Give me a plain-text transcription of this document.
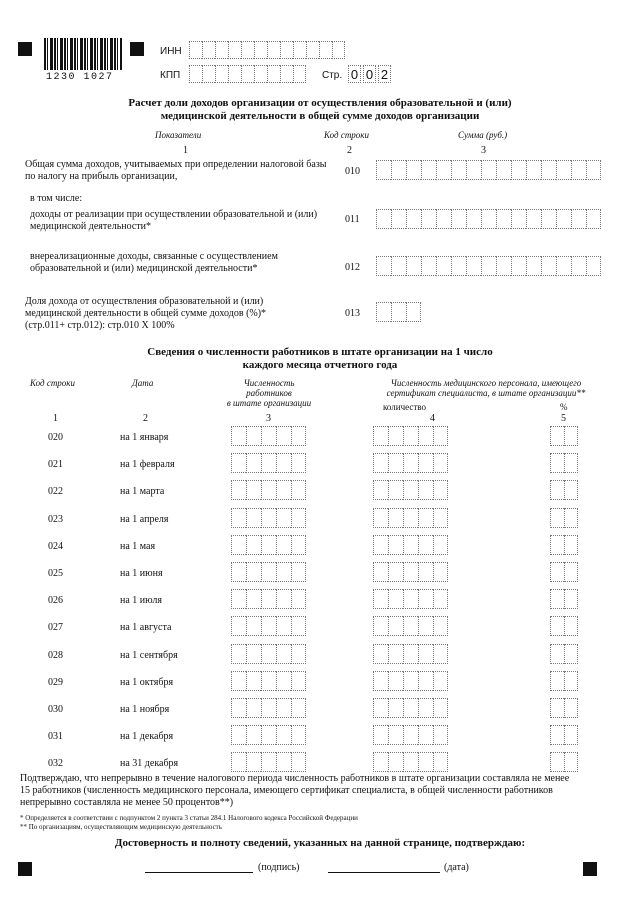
1230 1027
ИНН
КПП	Стр. 0 0 2
Расчет доли доходов организации от осуществления образовательной и (или)
медицинской деятельности в общей сумме доходов организации
Показатели	Код строки	Сумма (руб.)
1	2	3
Общая сумма доходов, учитываемых при определении налоговой базы
по налогу на прибыль организации,	010
в том числе:
доходы от реализации при осуществлении образовательной и (или)
медицинской деятельности*
011
внереализационные доходы, связанные с осуществлением
образовательной и (или) медицинской деятельности*	012
Доля дохода от осуществления образовательной и (или)
медицинской деятельности в общей сумме доходов (%)*
(стр.011+ стр.012): стр.010 Х 100%
013
Сведения о численности работников в штате организации на 1 число
каждого месяца отчетного года
Код строки	Дата	Численность работников
в штате организации
Численность медицинского персонала, имеющего
сертификат специалиста, в штате организации**
количество	%
1	2	3	4	5
020	на 1 января
021	на 1 февраля
022	на 1 марта
023	на 1 апреля
024	на 1 мая
025	на 1 июня
026	на 1 июля
027	на 1 августа
028	на 1 сентября
029	на 1 октября
030	на 1 ноября
031	на 1 декабря
032	на 31 декабря
Подтверждаю, что непрерывно в течение налогового периода численность работников в штате организации составляла не менее
15 работников (численность медицинского персонала, имеющего сертификат специалиста, в общей численности работников
непрерывно составляла не менее 50 процентов**)
* Определяется в соответствии с подпунктом 2 пункта 3 статьи 284.1 Налогового кодекса Российской Федерации
** По организациям, осуществляющим медицинскую деятельность
Достоверность и полноту сведений, указанных на данной странице, подтверждаю:
(подпись)	(дата)
